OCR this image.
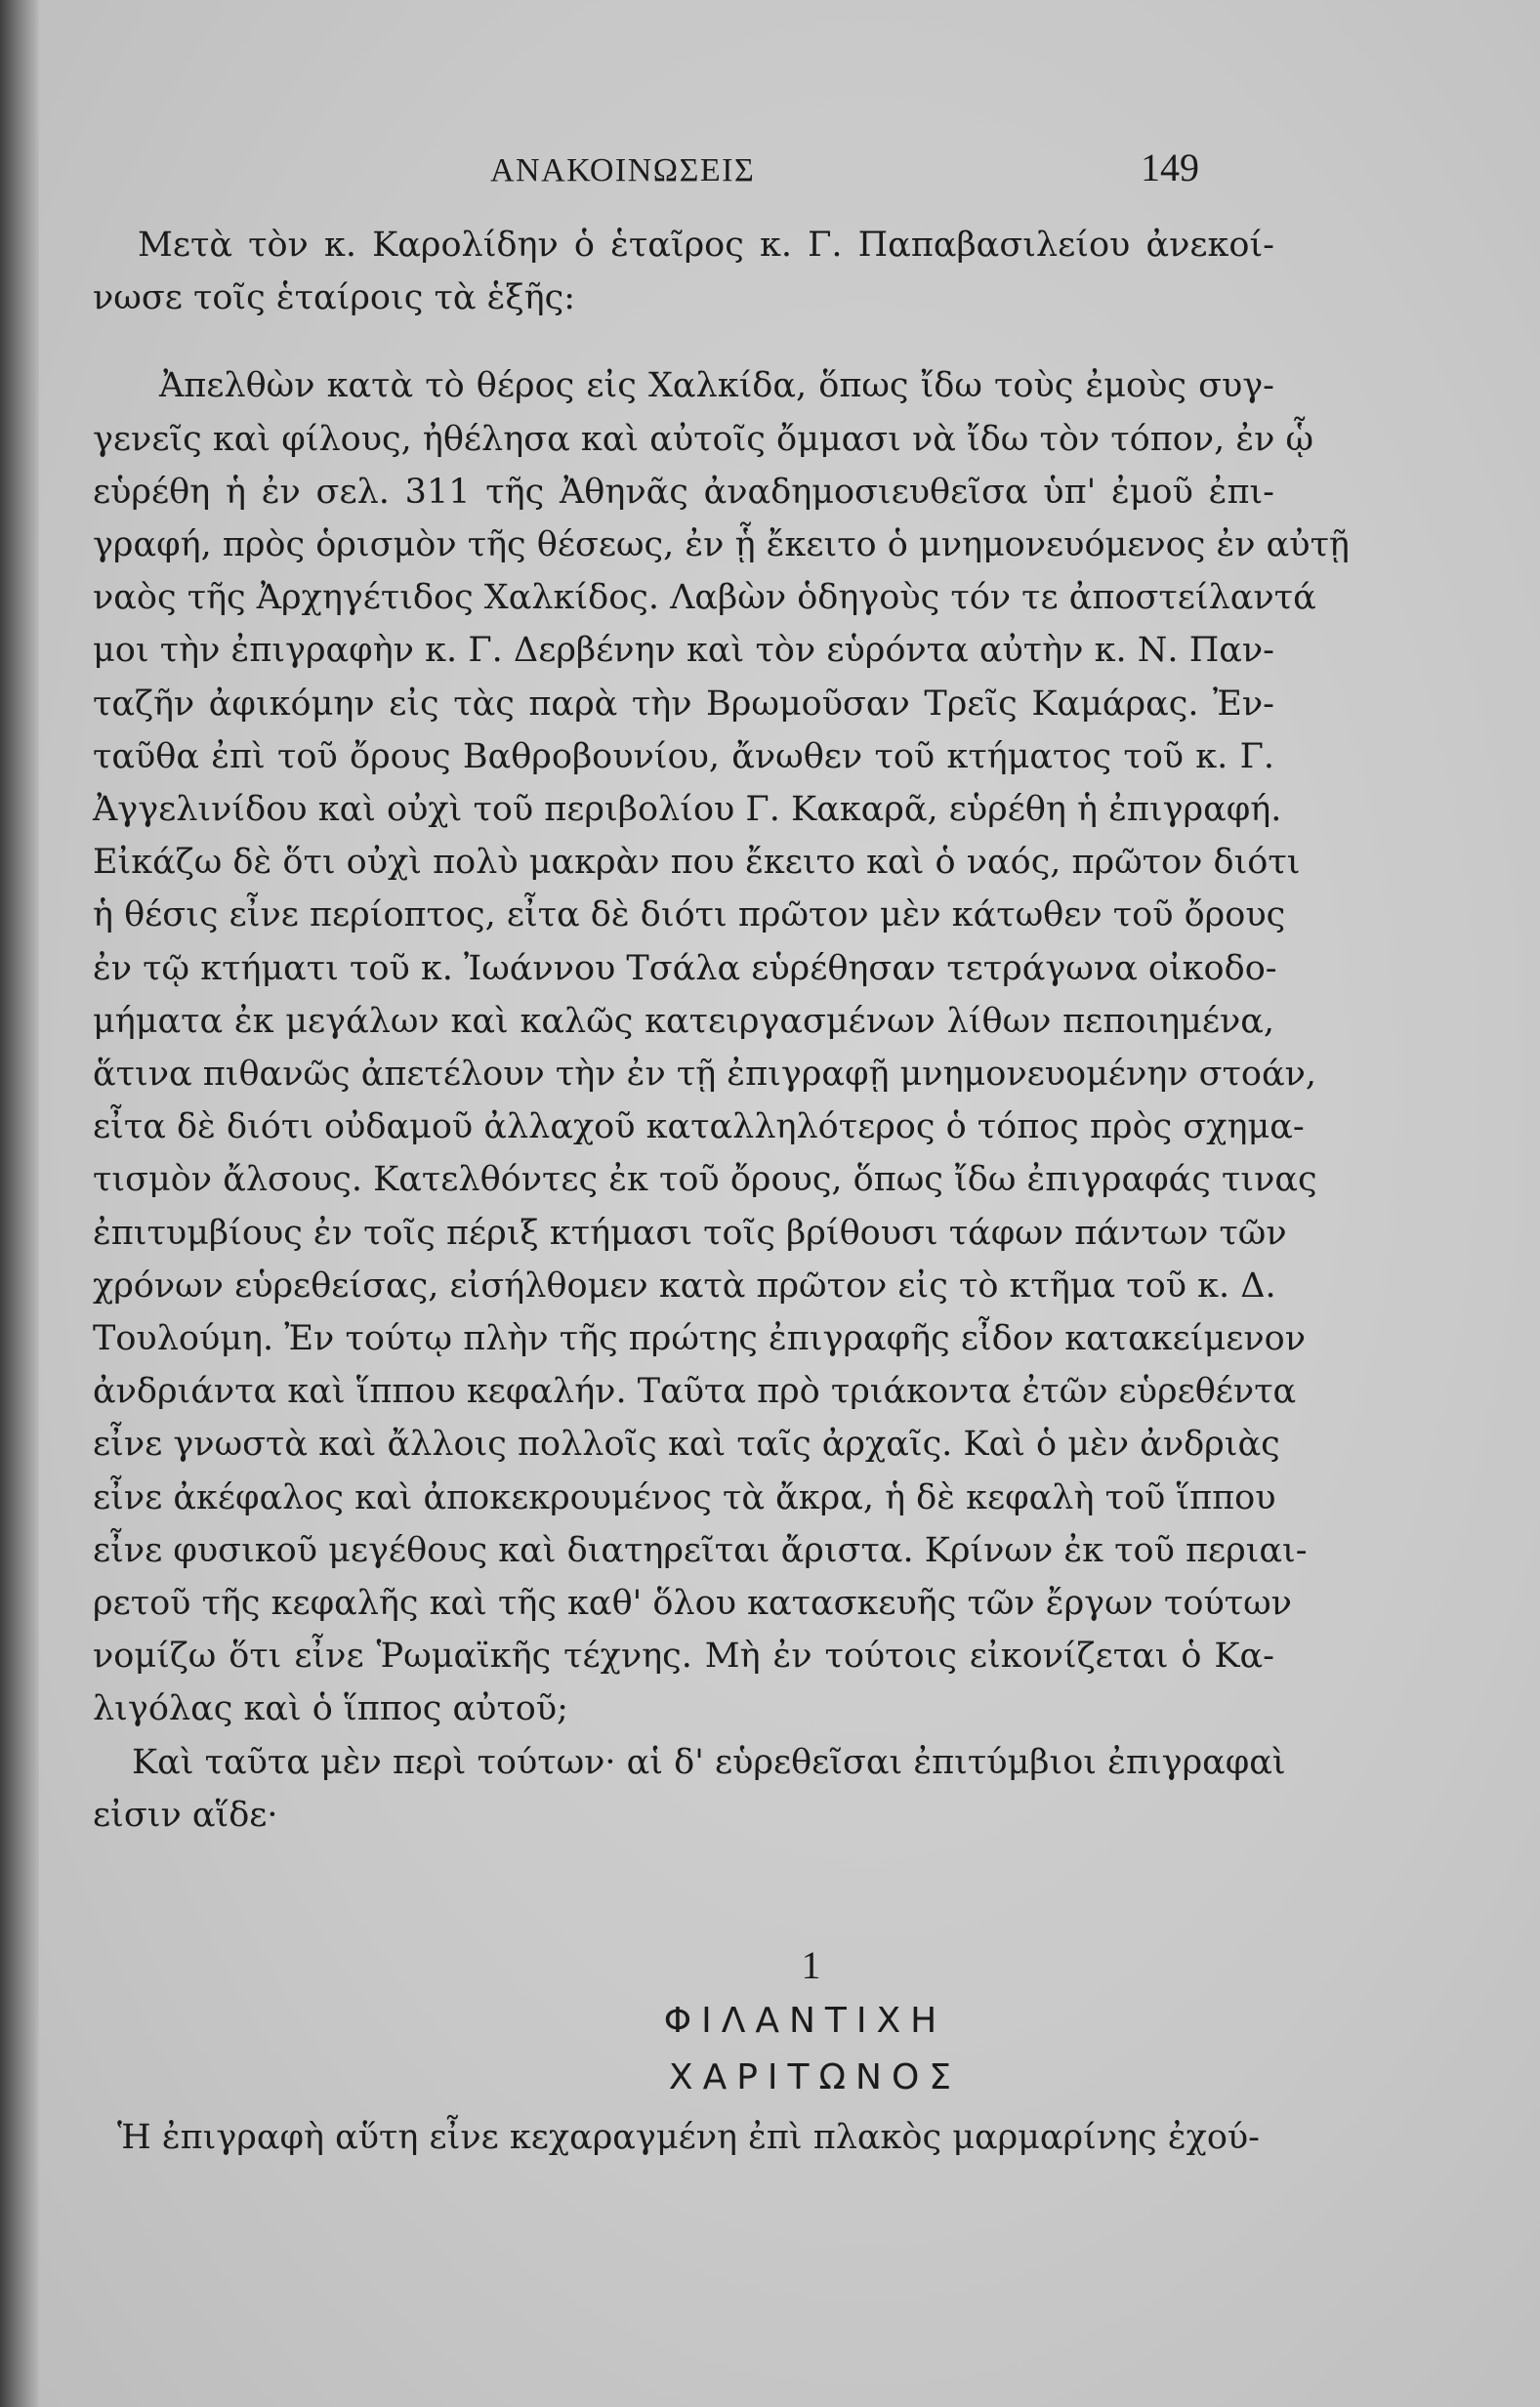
ΑΝΑΚΟΙΝΩΣΕΙΣ	149
Μετὰ τὸν κ. Καρολίδην ὁ ἑταῖρος κ. Γ. Παπαβασιλείου ἀνεκοί-
νωσε τοῖς ἑταίροις τὰ ἑξῆς:
Ἀπελθὼν κατὰ τὸ θέρος εἰς Χαλκίδα, ὅπως ἴδω τοὺς ἐμοὺς συγ-
γενεῖς καὶ φίλους, ἠθέλησα καὶ αὐτοῖς ὄμμασι νὰ ἴδω τὸν τόπον, ἐν ᾧ
εὑρέθη ἡ ἐν σελ. 311 τῆς Ἀθηνᾶς ἀναδημοσιευθεῖσα ὑπ' ἐμοῦ ἐπι-
γραφή, πρὸς ὁρισμὸν τῆς θέσεως, ἐν ᾗ ἔκειτο ὁ μνημονευόμενος ἐν αὐτῇ
ναὸς τῆς Ἀρχηγέτιδος Χαλκίδος. Λαβὼν ὁδηγοὺς τόν τε ἀποστείλαντά
μοι τὴν ἐπιγραφὴν κ. Γ. Δερβένην καὶ τὸν εὑρόντα αὐτὴν κ. Ν. Παν-
ταζῆν ἀφικόμην εἰς τὰς παρὰ τὴν Βρωμοῦσαν Τρεῖς Καμάρας. Ἐν-
ταῦθα ἐπὶ τοῦ ὄρους Βαθροβουνίου, ἄνωθεν τοῦ κτήματος τοῦ κ. Γ.
Ἀγγελινίδου καὶ οὐχὶ τοῦ περιβολίου Γ. Κακαρᾶ, εὑρέθη ἡ ἐπιγραφή.
Εἰκάζω δὲ ὅτι οὐχὶ πολὺ μακρὰν που ἔκειτο καὶ ὁ ναός, πρῶτον διότι
ἡ θέσις εἶνε περίοπτος, εἶτα δὲ διότι πρῶτον μὲν κάτωθεν τοῦ ὄρους
ἐν τῷ κτήματι τοῦ κ. Ἰωάννου Τσάλα εὑρέθησαν τετράγωνα οἰκοδο-
μήματα ἐκ μεγάλων καὶ καλῶς κατειργασμένων λίθων πεποιημένα,
ἅτινα πιθανῶς ἀπετέλουν τὴν ἐν τῇ ἐπιγραφῇ μνημονευομένην στοάν,
εἶτα δὲ διότι οὐδαμοῦ ἀλλαχοῦ καταλληλότερος ὁ τόπος πρὸς σχημα-
τισμὸν ἄλσους. Κατελθόντες ἐκ τοῦ ὄρους, ὅπως ἴδω ἐπιγραφάς τινας
ἐπιτυμβίους ἐν τοῖς πέριξ κτήμασι τοῖς βρίθουσι τάφων πάντων τῶν
χρόνων εὑρεθείσας, εἰσήλθομεν κατὰ πρῶτον εἰς τὸ κτῆμα τοῦ κ. Δ.
Τουλούμη. Ἐν τούτῳ πλὴν τῆς πρώτης ἐπιγραφῆς εἶδον κατακείμενον
ἀνδριάντα καὶ ἵππου κεφαλήν. Ταῦτα πρὸ τριάκοντα ἐτῶν εὑρεθέντα
εἶνε γνωστὰ καὶ ἄλλοις πολλοῖς καὶ ταῖς ἀρχαῖς. Καὶ ὁ μὲν ἀνδριὰς
εἶνε ἀκέφαλος καὶ ἀποκεκρουμένος τὰ ἄκρα, ἡ δὲ κεφαλὴ τοῦ ἵππου
εἶνε φυσικοῦ μεγέθους καὶ διατηρεῖται ἄριστα. Κρίνων ἐκ τοῦ περιαι-
ρετοῦ τῆς κεφαλῆς καὶ τῆς καθ' ὅλου κατασκευῆς τῶν ἔργων τούτων
νομίζω ὅτι εἶνε Ῥωμαϊκῆς τέχνης. Μὴ ἐν τούτοις εἰκονίζεται ὁ Κα-
λιγόλας καὶ ὁ ἵππος αὐτοῦ;
Καὶ ταῦτα μὲν περὶ τούτων· αἱ δ' εὑρεθεῖσαι ἐπιτύμβιοι ἐπιγραφαὶ
εἰσιν αἵδε·
1
ΦΙΛΑΝΤΙΧΗ
ΧΑΡΙΤΩΝΟΣ
Ἡ ἐπιγραφὴ αὕτη εἶνε κεχαραγμένη ἐπὶ πλακὸς μαρμαρίνης ἐχού-
